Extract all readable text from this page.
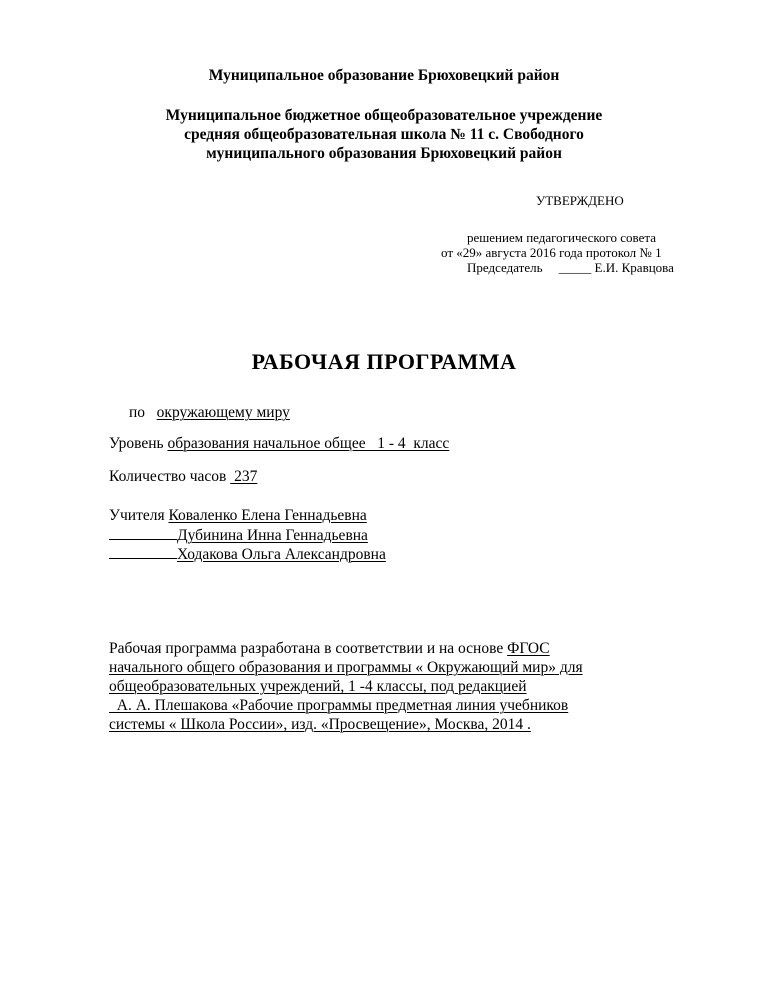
Муниципальное образование Брюховецкий район
Муниципальное бюджетное общеобразовательное учреждение
средняя общеобразовательная школа № 11 с. Свободного
муниципального образования Брюховецкий район
УТВЕРЖДЕНО
решением педагогического совета
от «29» августа 2016 года протокол № 1
Председатель _____ Е.И. Кравцова
РАБОЧАЯ ПРОГРАММА
по окружающему миру
Уровень образования начальное общее   1 - 4  класс
Количество часов  237
Учителя Коваленко Елена Геннадьевна
Дубинина Инна Геннадьевна
Ходакова Ольга Александровна
Рабочая программа разработана в соответствии и на основе ФГОС
начального общего образования и программы « Окружающий мир» для
общеобразовательных учреждений, 1 -4 классы, под редакцией
А. А. Плешакова «Рабочие программы предметная линия учебников
системы « Школа России», изд. «Просвещение», Москва, 2014 .
